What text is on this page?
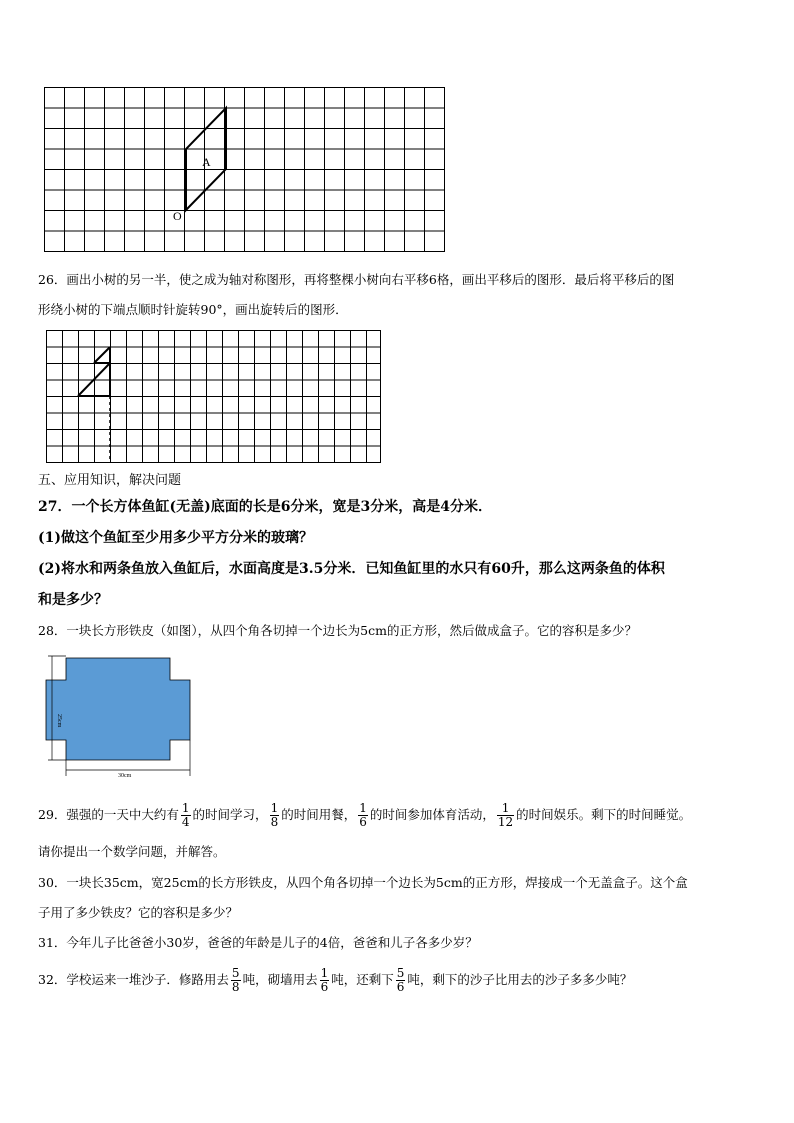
A
O
26．画出小树的另一半，使之成为轴对称图形，再将整棵小树向右平移6格，画出平移后的图形．最后将平移后的图
形绕小树的下端点顺时针旋转90°，画出旋转后的图形．
五、应用知识，解决问题
27．一个长方体鱼缸(无盖)底面的长是6分米，宽是3分米，高是4分米．
(1)做这个鱼缸至少用多少平方分米的玻璃？
(2)将水和两条鱼放入鱼缸后，水面高度是3.5分米．已知鱼缸里的水只有60升，那么这两条鱼的体积
和是多少？
28．一块长方形铁皮（如图），从四个角各切掉一个边长为5cm的正方形，然后做成盒子。它的容积是多少？
25cm
30cm
29．强强的一天中大约有 $\frac{1}{4}$ 的时间学习， $\frac{1}{8}$ 的时间用餐， $\frac{1}{6}$ 的时间参加体育活动， $\frac{1}{12}$ 的时间娱乐。剩下的时间睡觉。
请你提出一个数学问题，并解答。
30．一块长35cm，宽25cm的长方形铁皮，从四个角各切掉一个边长为5cm的正方形，焊接成一个无盖盒子。这个盒
子用了多少铁皮？它的容积是多少？
31．今年儿子比爸爸小30岁，爸爸的年龄是儿子的4倍，爸爸和儿子各多少岁？
32．学校运来一堆沙子．修路用去 $\frac{5}{8}$ 吨，砌墙用去 $\frac{1}{6}$ 吨，还剩下 $\frac{5}{6}$ 吨，剩下的沙子比用去的沙子多多少吨？
